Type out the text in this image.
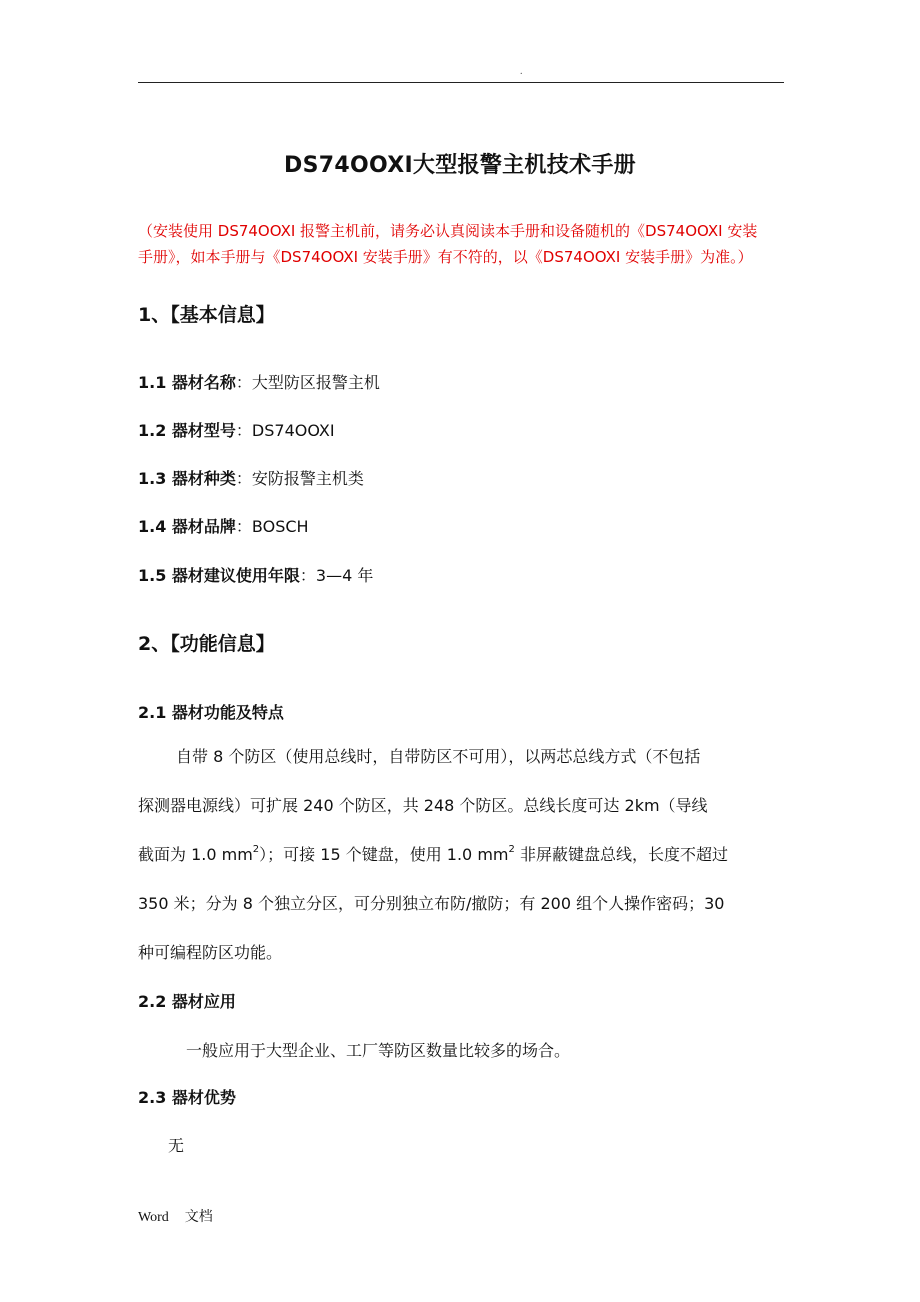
.
DS74OOXI大型报警主机技术手册

（安装使用 DS74OOXI 报警主机前，请务必认真阅读本手册和设备随机的《DS74OOXI 安装

手册》，如本手册与《DS74OOXI 安装手册》有不符的，以《DS74OOXI 安装手册》为准。）

1、【基本信息】
1.1 器材名称：大型防区报警主机
1.2 器材型号：DS74OOXI
1.3 器材种类：安防报警主机类
1.4 器材品牌：BOSCH
1.5 器材建议使用年限：3—4 年
2、【功能信息】
2.1 器材功能及特点

自带 8 个防区（使用总线时，自带防区不可用），以两芯总线方式（不包括

探测器电源线）可扩展 240 个防区，共 248 个防区。总线长度可达 2km（导线

截面为 1.0 $mm^2$）；可接 15 个键盘，使用 1.0 $mm^2$ 非屏蔽键盘总线，长度不超过

350 米；分为 8 个独立分区，可分别独立布防/撤防；有 200 组个人操作密码；30

种可编程防区功能。

2.2 器材应用
一般应用于大型企业、工厂等防区数量比较多的场合。
2.3 器材优势
无
Word 文档
